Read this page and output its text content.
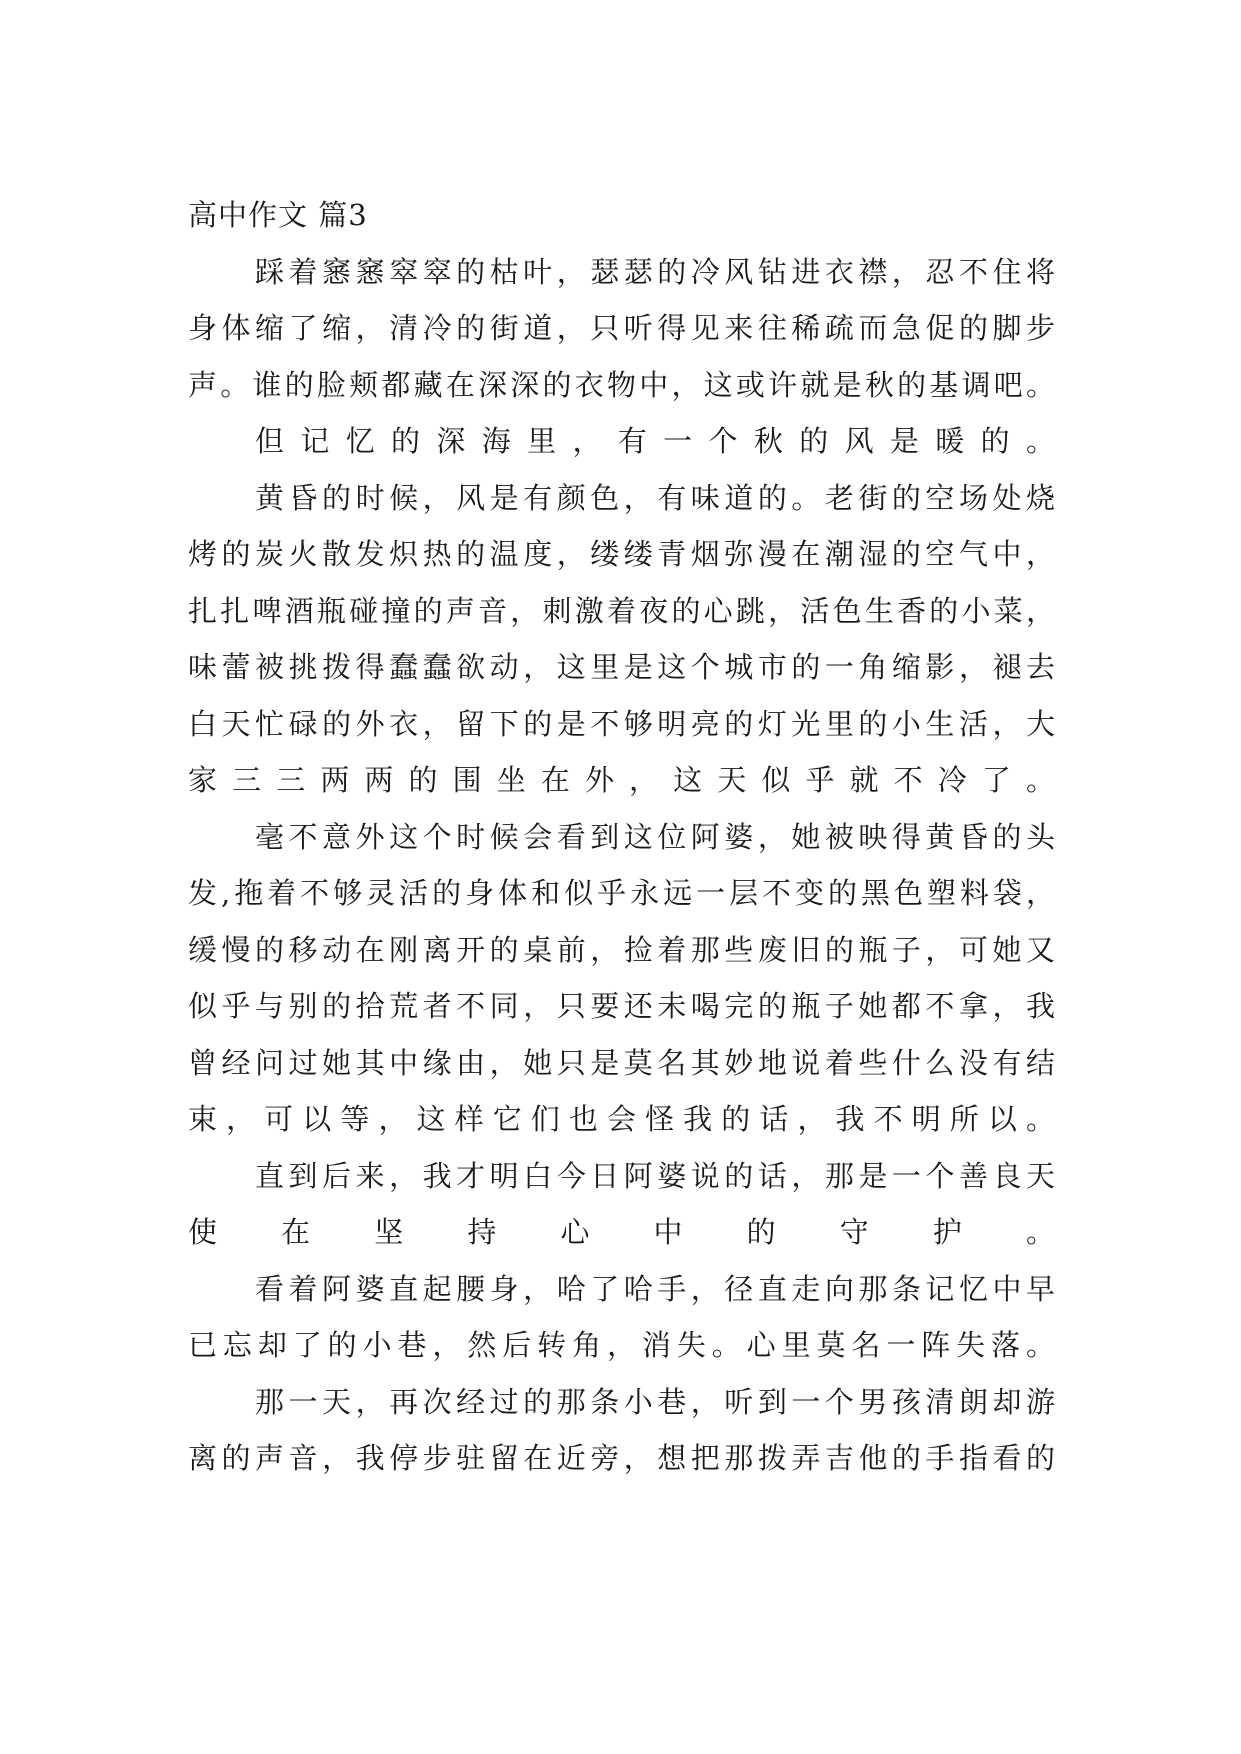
高中作文 篇3
踩着窸窸窣窣的枯叶，瑟瑟的冷风钻进衣襟，忍不住将
身体缩了缩，清冷的街道，只听得见来往稀疏而急促的脚步
声。谁的脸颊都藏在深深的衣物中，这或许就是秋的基调吧。
但记忆的深海里，有一个秋的风是暖的。
黄昏的时候，风是有颜色，有味道的。老街的空场处烧
烤的炭火散发炽热的温度，缕缕青烟弥漫在潮湿的空气中，
扎扎啤酒瓶碰撞的声音，刺激着夜的心跳，活色生香的小菜，
味蕾被挑拨得蠢蠢欲动，这里是这个城市的一角缩影，褪去
白天忙碌的外衣，留下的是不够明亮的灯光里的小生活，大
家三三两两的围坐在外，这天似乎就不冷了。
毫不意外这个时候会看到这位阿婆，她被映得黄昏的头
发,拖着不够灵活的身体和似乎永远一层不变的黑色塑料袋，
缓慢的移动在刚离开的桌前，捡着那些废旧的瓶子，可她又
似乎与别的拾荒者不同，只要还未喝完的瓶子她都不拿，我
曾经问过她其中缘由，她只是莫名其妙地说着些什么没有结
束，可以等，这样它们也会怪我的话，我不明所以。
直到后来，我才明白今日阿婆说的话，那是一个善良天
使在坚持心中的守护。
看着阿婆直起腰身，哈了哈手，径直走向那条记忆中早
已忘却了的小巷，然后转角，消失。心里莫名一阵失落。
那一天，再次经过的那条小巷，听到一个男孩清朗却游
离的声音，我停步驻留在近旁，想把那拨弄吉他的手指看的
